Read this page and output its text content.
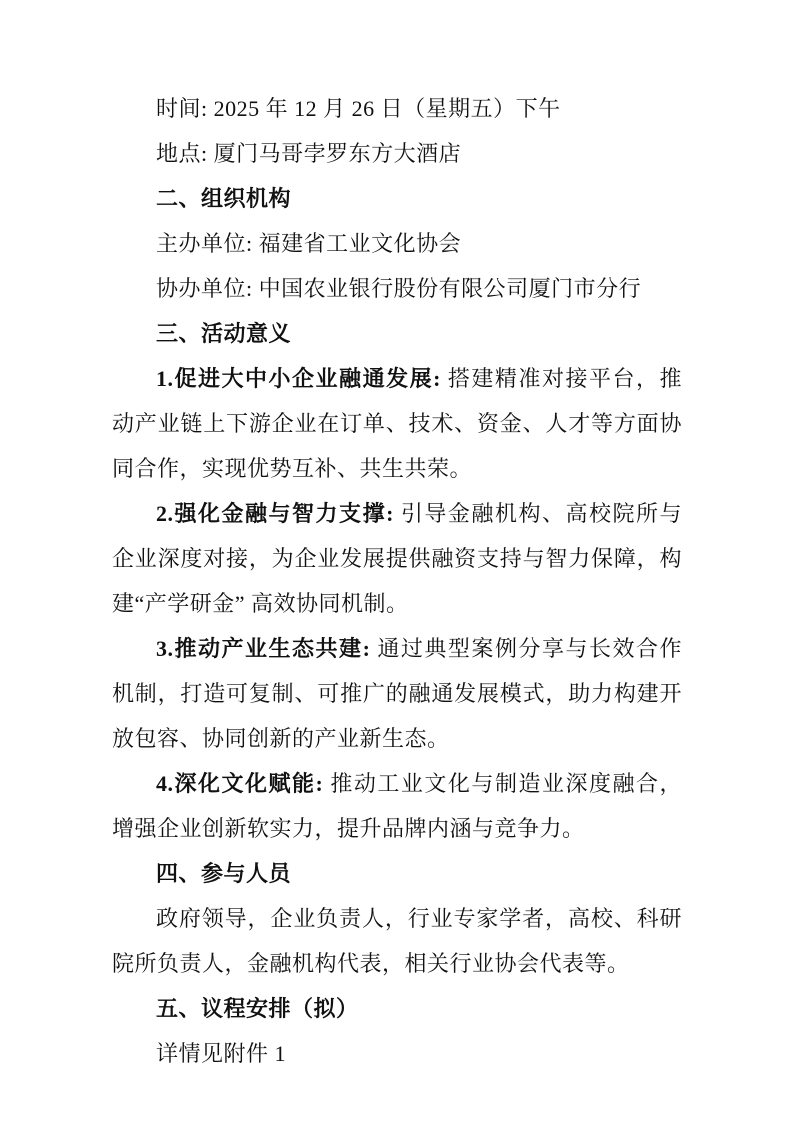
时间: 2025 年 12 月 26 日（星期五）下午

地点: 厦门马哥孛罗东方大酒店

二、组织机构

主办单位: 福建省工业文化协会

协办单位: 中国农业银行股份有限公司厦门市分行

三、活动意义

1.促进大中小企业融通发展: 搭建精准对接平台，推动产业链上下游企业在订单、技术、资金、人才等方面协同合作，实现优势互补、共生共荣。

2.强化金融与智力支撑: 引导金融机构、高校院所与企业深度对接，为企业发展提供融资支持与智力保障，构建“产学研金” 高效协同机制。

3.推动产业生态共建: 通过典型案例分享与长效合作机制，打造可复制、可推广的融通发展模式，助力构建开放包容、协同创新的产业新生态。

4.深化文化赋能: 推动工业文化与制造业深度融合，增强企业创新软实力，提升品牌内涵与竞争力。

四、参与人员

政府领导，企业负责人，行业专家学者，高校、科研院所负责人，金融机构代表，相关行业协会代表等。

五、议程安排（拟）

详情见附件 1
